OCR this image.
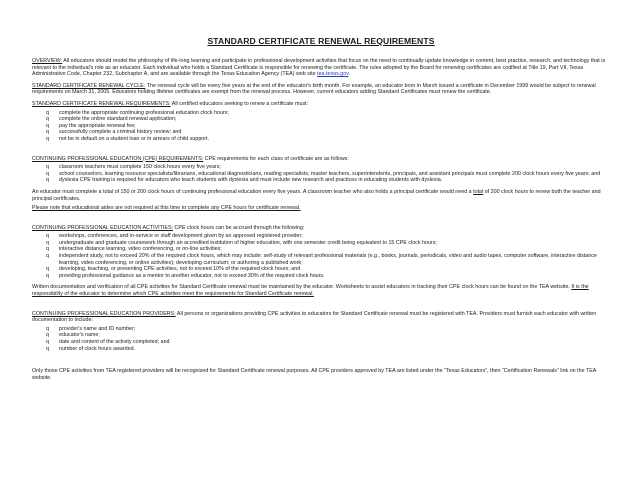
STANDARD CERTIFICATE RENEWAL REQUIREMENTS

OVERVIEW: All educators should model the philosophy of life-long learning and participate in professional development activities that focus on the need to continually update knowledge in content, best practice, research, and technology that is relevant to the individual's role as an educator. Each individual who holds a Standard Certificate is responsible for renewing the certificate. The rules adopted by the Board for renewing certificates are codified at Title 19, Part VII, Texas Administrative Code, Chapter 232, Subchapter A, and are available through the Texas Education Agency (TEA) web site tea.texas.gov.

STANDARD CERTIFICATE RENEWAL CYCLE: The renewal cycle will be every five years at the end of the educator's birth month. For example, an educator born in March issued a certificate in December 1999 would be subject to renewal requirements on March 31, 2005. Educators holding lifetime certificates are exempt from the renewal process. However, current educators adding Standard Certificates must renew the certificate.

STANDARD CERTIFICATE RENEWAL REQUIREMENTS: All certified educators seeking to renew a certificate must:

q complete the appropriate continuing professional education clock hours;
q complete the online standard renewal application;
q pay the appropriate renewal fee;
q successfully complete a criminal history review; and
q not be in default on a student loan or in arrears of child support.

CONTINUING PROFESSIONAL EDUCATION (CPE) REQUIREMENTS: CPE requirements for each class of certificate are as follows:

q classroom teachers must complete 150 clock hours every five years;
q school counselors, learning resource specialists/librarians, educational diagnosticians, reading specialists, master teachers, superintendents, principals, and assistant principals must complete 200 clock hours every five years; and
q dyslexia CPE training is required for educators who teach students with dyslexia and must include new research and practices in educating students with dyslexia.

An educator must complete a total of 150 or 200 clock hours of continuing professional education every five years. A classroom teacher who also holds a principal certificate would need a total of 200 clock hours to renew both the teacher and principal certificates.

Please note that educational aides are not required at this time to complete any CPE hours for certificate renewal.

CONTINUING PROFESSIONAL EDUCATION ACTIVITIES: CPE clock hours can be accrued through the following:

q workshops, conferences, and in-service or staff development given by an approved registered provider;
q undergraduate and graduate coursework through an accredited institution of higher education, with one semester credit being equivalent to 15 CPE clock hours;
q interactive distance learning, video conferencing, or on-line activities;
q independent study, not to exceed 20% of the required clock hours, which may include: self-study of relevant professional materials (e.g., books, journals, periodicals, video and audio tapes, computer software, interactive distance learning, video conferencing, or online activities); developing curriculum; or authoring a published work;
q developing, teaching, or presenting CPE activities, not to exceed 10% of the required clock hours; and
q providing professional guidance as a mentor to another educator, not to exceed 30% of the required clock hours.

Written documentation and verification of all CPE activities for Standard Certificate renewal must be maintained by the educator. Worksheets to assist educators in tracking their CPE clock hours can be found on the TEA website. It is the responsibility of the educator to determine which CPE activities meet the requirements for Standard Certificate renewal.

CONTINUING PROFESSIONAL EDUCATION PROVIDERS: All persons or organizations providing CPE activities to educators for Standard Certificate renewal must be registered with TEA. Providers must furnish each educator with written documentation to include:

q provider's name and ID number;
q educator's name;
q date and content of the activity completed; and
q number of clock hours awarded.

Only those CPE activities from TEA registered providers will be recognized for Standard Certificate renewal purposes. All CPE providers approved by TEA are listed under the “Texas Educators”, then “Certification Renewals” link on the TEA website.
